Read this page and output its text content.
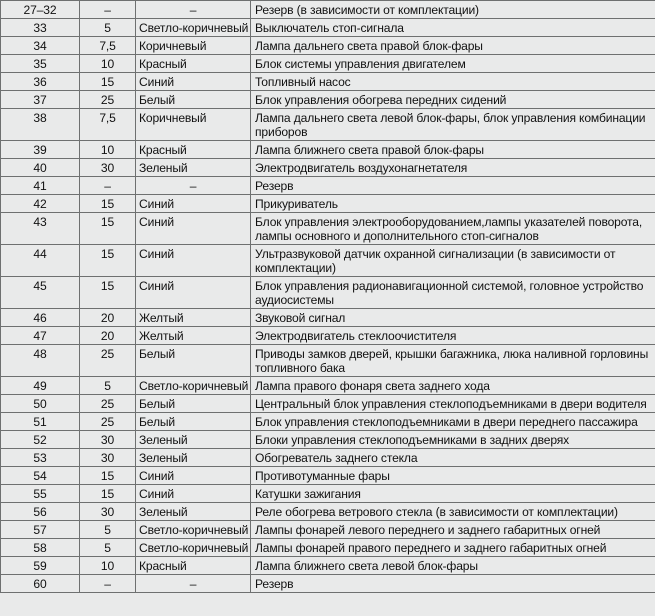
27–32	–	–	Резерв (в зависимости от комплектации)
33	5	Светло-коричневый	Выключатель стоп-сигнала
34	7,5	Коричневый	Лампа дальнего света правой блок-фары
35	10	Красный	Блок системы управления двигателем
36	15	Синий	Топливный насос
37	25	Белый	Блок управления обогрева передних сидений
38	7,5	Коричневый	Лампа дальнего света левой блок-фары, блок управления комбинации приборов
39	10	Красный	Лампа ближнего света правой блок-фары
40	30	Зеленый	Электродвигатель воздухонагнетателя
41	–	–	Резерв
42	15	Синий	Прикуриватель
43	15	Синий	Блок управления электрооборудованием,лампы указателей поворота, лампы основного и дополнительного стоп-сигналов
44	15	Синий	Ультразвуковой датчик охранной сигнализации (в зависимости от комплектации)
45	15	Синий	Блок управления радионавигационной системой, головное устройство аудиосистемы
46	20	Желтый	Звуковой сигнал
47	20	Желтый	Электродвигатель стеклоочистителя
48	25	Белый	Приводы замков дверей, крышки багажника, люка наливной горловины топливного бака
49	5	Светло-коричневый	Лампа правого фонаря света заднего хода
50	25	Белый	Центральный блок управления стеклоподъемниками в двери водителя
51	25	Белый	Блок управления стеклоподъемниками в двери переднего пассажира
52	30	Зеленый	Блоки управления стеклоподъемниками в задних дверях
53	30	Зеленый	Обогреватель заднего стекла
54	15	Синий	Противотуманные фары
55	15	Синий	Катушки зажигания
56	30	Зеленый	Реле обогрева ветрового стекла (в зависимости от комплектации)
57	5	Светло-коричневый	Лампы фонарей левого переднего и заднего габаритных огней
58	5	Светло-коричневый	Лампы фонарей правого переднего и заднего габаритных огней
59	10	Красный	Лампа ближнего света левой блок-фары
60	–	–	Резерв
